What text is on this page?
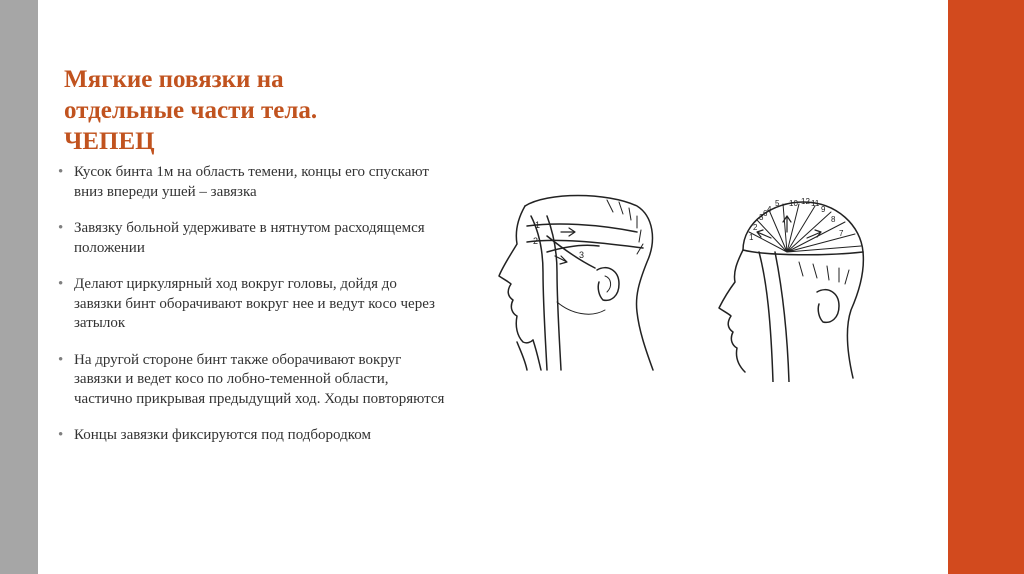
Мягкие повязки на отдельные части тела. ЧЕПЕЦ
• Кусок бинта 1м на область темени, концы его спускают вниз впереди ушей – завязка
• Завязку больной удерживате в нятнутом расходящемся положении
• Делают циркулярный ход вокруг головы, дойдя до завязки бинт оборачивают вокруг нее и ведут косо через затылок
• На другой стороне бинт также оборачивают вокруг завязки и ведет косо по лобно-теменной области, частично прикрывая предыдущий ход. Ходы повторяются
• Концы завязки фиксируются под подбородком
1
2
3
1
2
3
4
5
6
7
8
9
10 11
12
